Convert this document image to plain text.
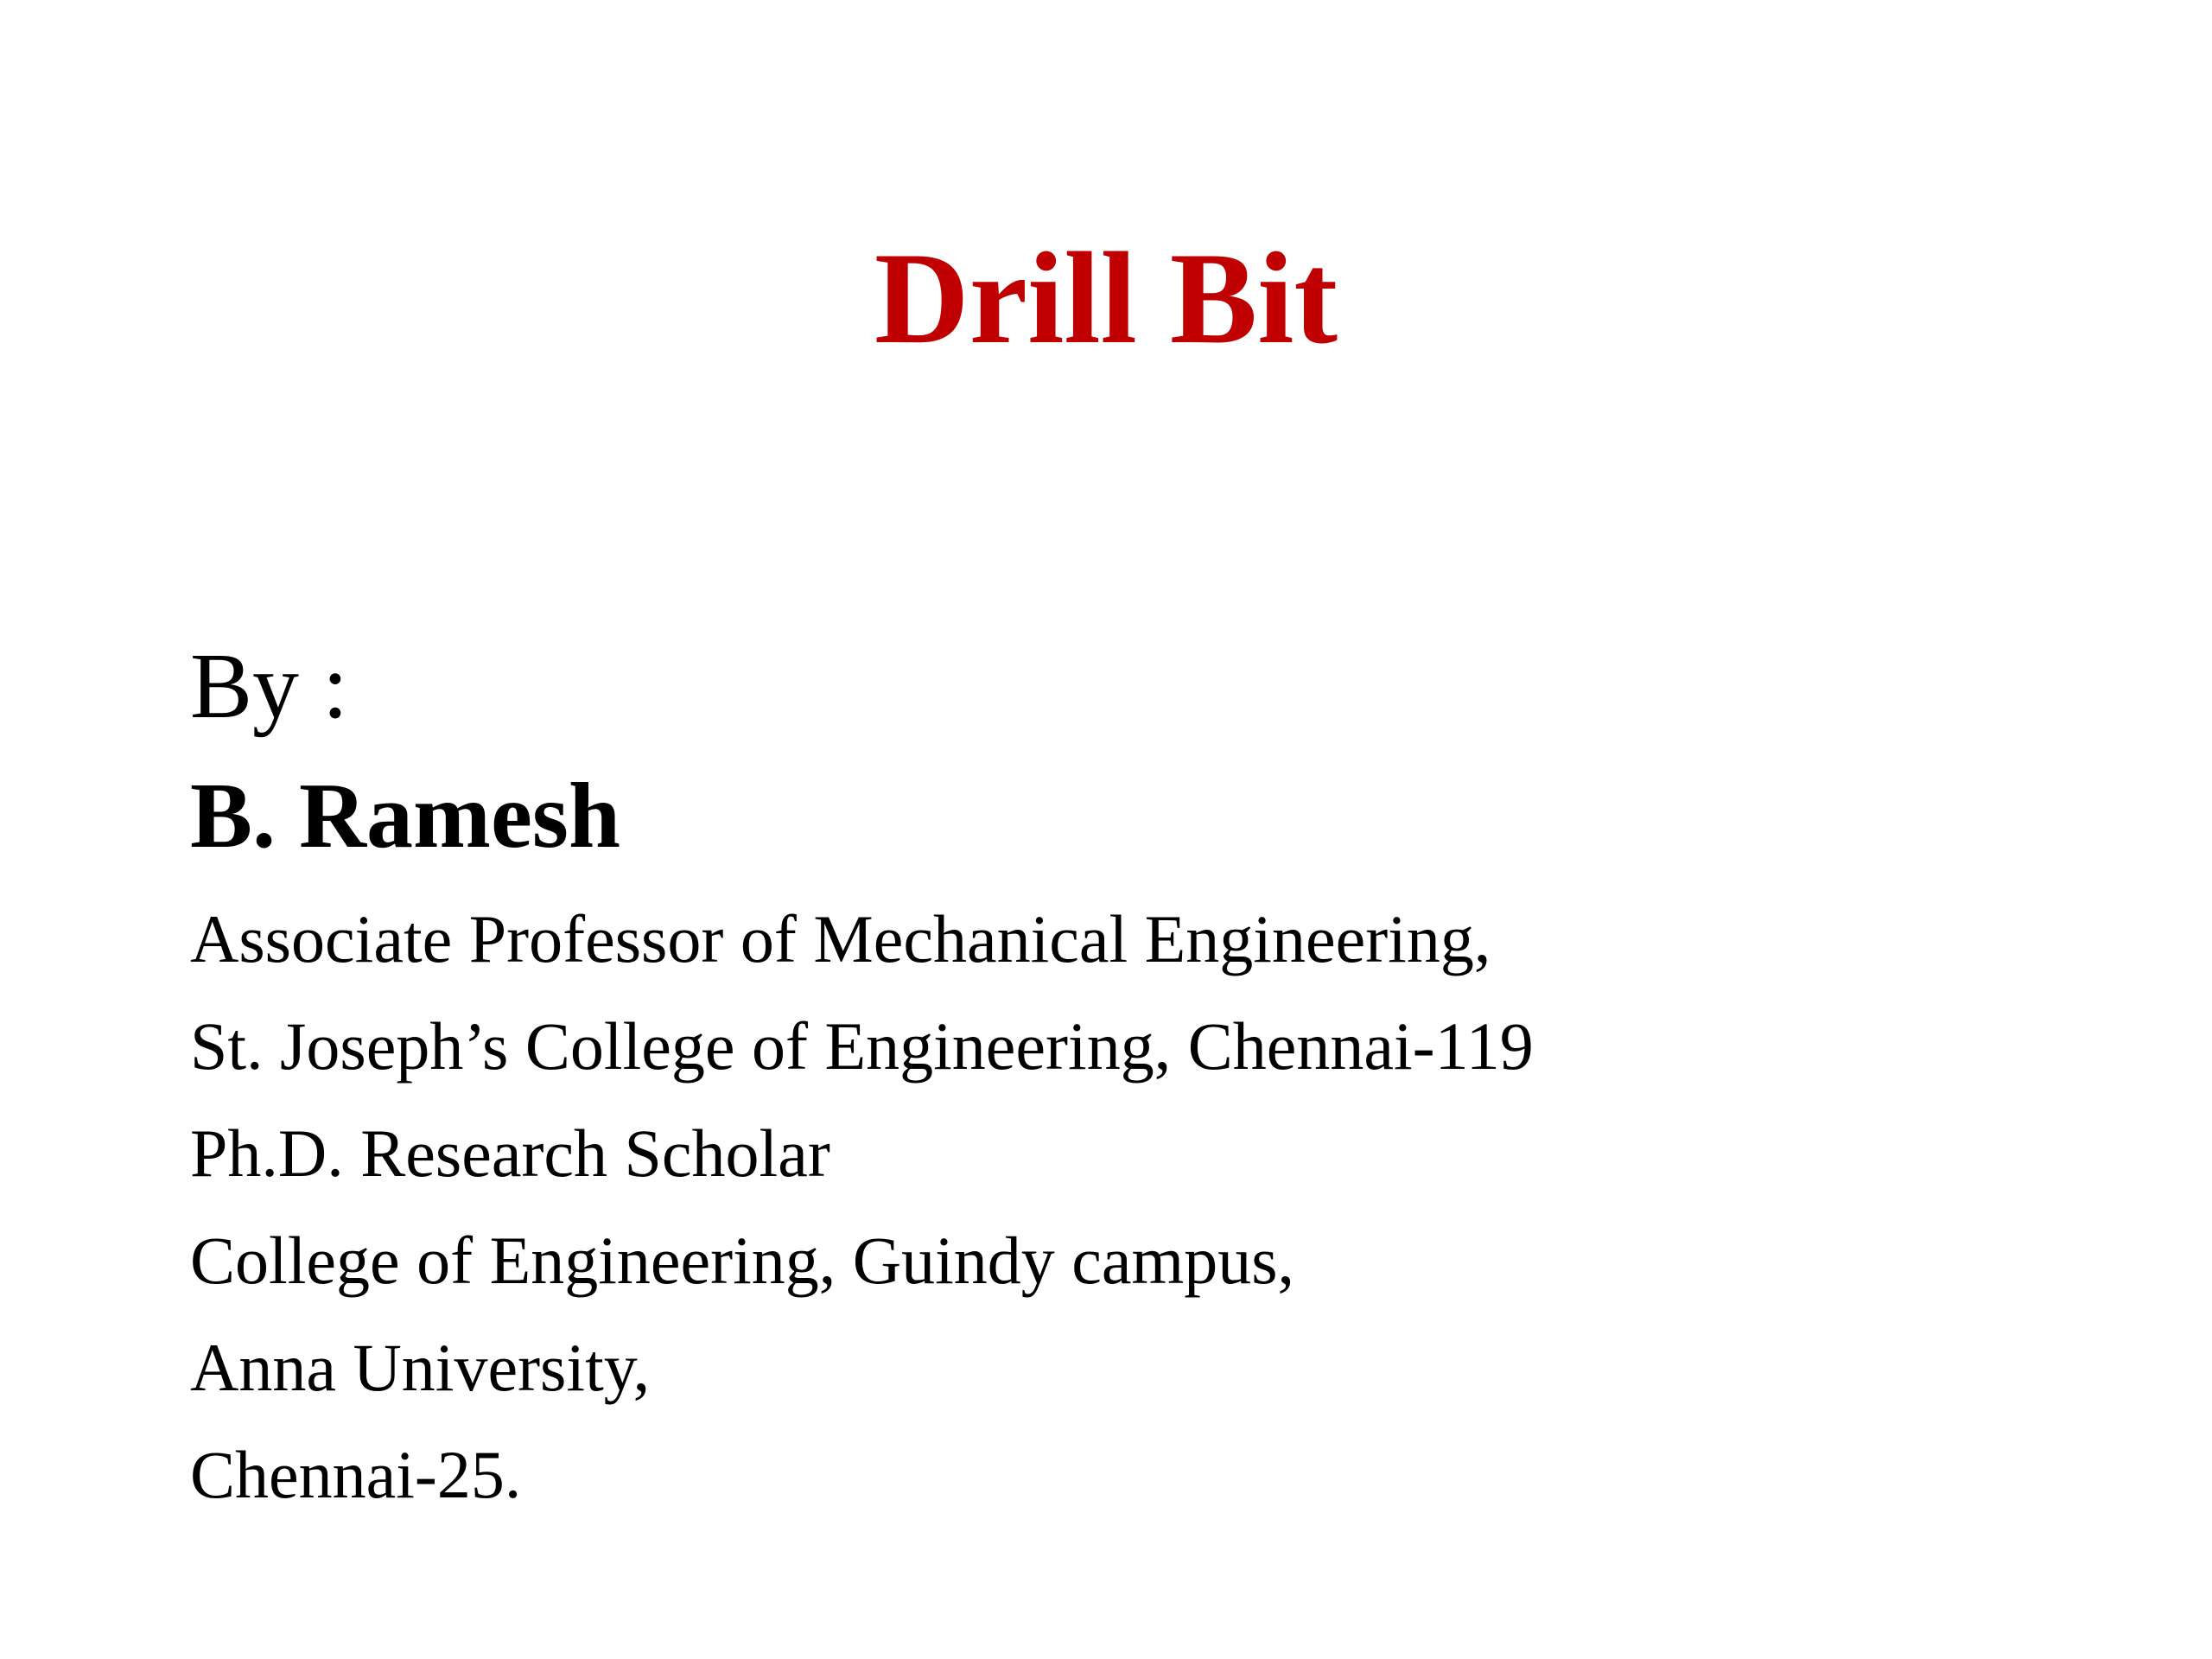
Drill Bit
By :
B. Ramesh
Associate Professor of Mechanical Engineering,
St. Joseph’s College of Engineering, Chennai-119
Ph.D. Research Scholar
College of Engineering, Guindy campus,
Anna University,
Chennai-25.
